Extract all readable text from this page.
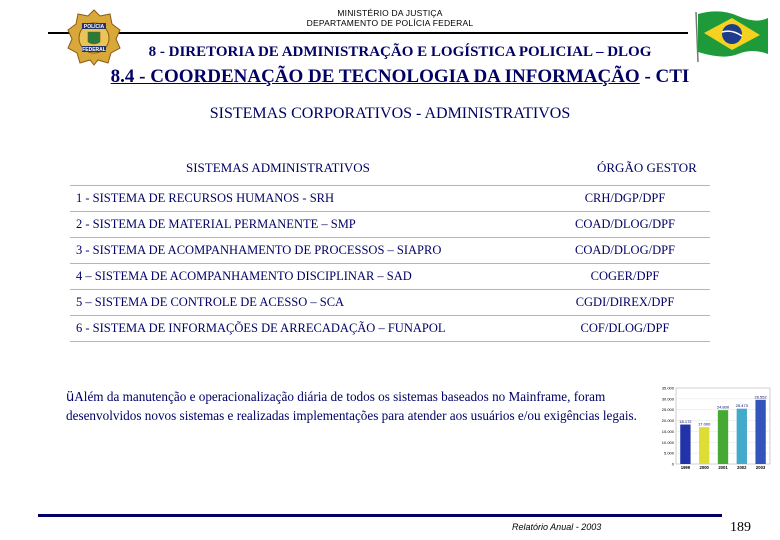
MINISTÉRIO DA JUSTIÇA
DEPARTAMENTO DE POLÍCIA FEDERAL
POLÍCIA
FEDERAL	8 - DIRETORIA DE ADMINISTRAÇÃO E LOGÍSTICA POLICIAL – DLOG
8.4 - COORDENAÇÃO DE TECNOLOGIA DA INFORMAÇÃO - CTI
SISTEMAS CORPORATIVOS - ADMINISTRATIVOS
SISTEMAS ADMINISTRATIVOS	ÓRGÃO GESTOR
1 - SISTEMA DE RECURSOS HUMANOS - SRH	CRH/DGP/DPF
2 - SISTEMA DE MATERIAL PERMANENTE – SMP	COAD/DLOG/DPF
3 - SISTEMA DE ACOMPANHAMENTO DE PROCESSOS – SIAPRO	COAD/DLOG/DPF
4 – SISTEMA DE ACOMPANHAMENTO DISCIPLINAR – SAD	COGER/DPF
5 – SISTEMA DE CONTROLE DE ACESSO – SCA	CGDI/DIREX/DPF
6 - SISTEMA DE INFORMAÇÕES DE ARRECADAÇÃO – FUNAPOL	COF/DLOG/DPF
üAlém da manutenção e operacionalização diária de todos os sistemas baseados no Mainframe, foram desenvolvidos novos sistemas e realizadas implementações para atender aos usuários e/ou exigências legais.
0
5.000
10.000
15.000
20.000
25.000
30.000
35.000
18.172
1999
17.000
2000
24.800
2001
25.473
2002
29.552
2003
Relatório Anual - 2003	189
